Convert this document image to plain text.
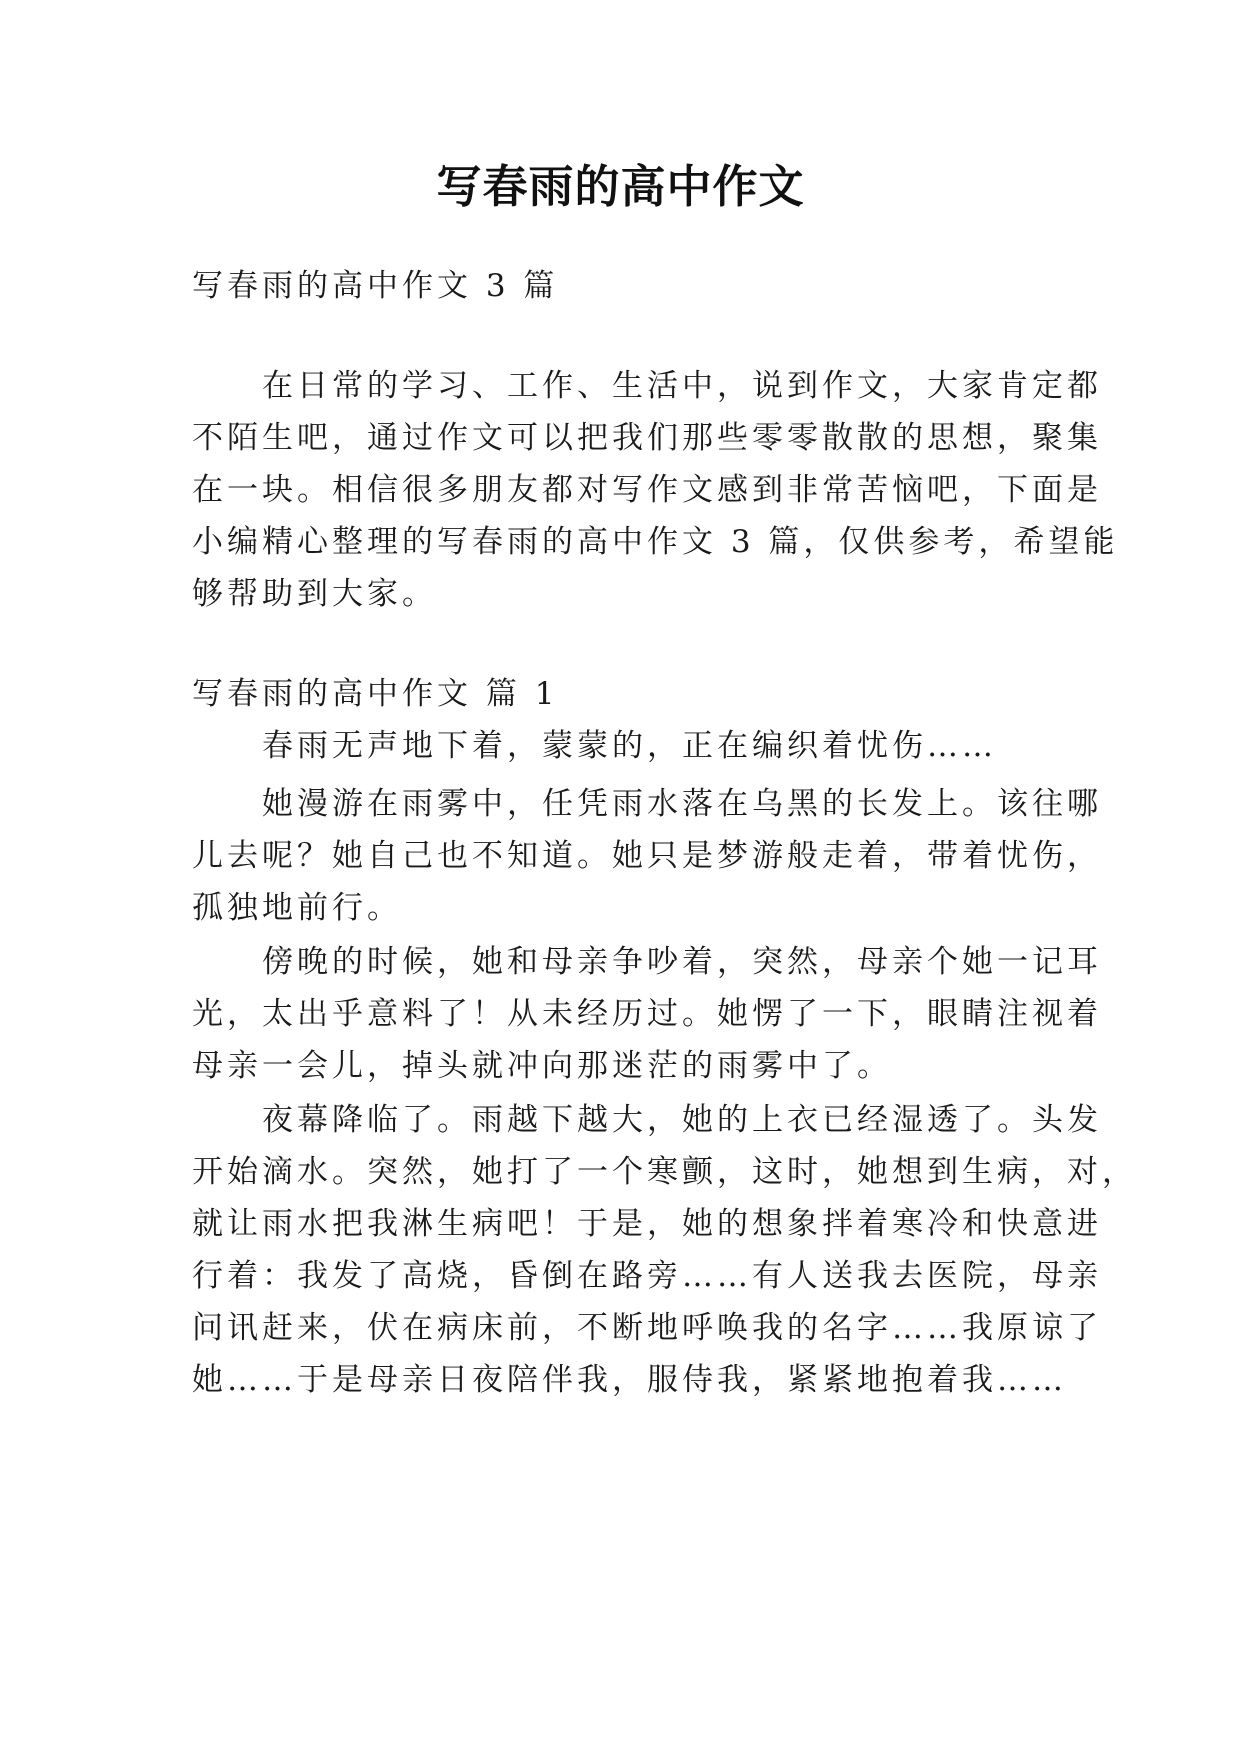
写春雨的高中作文
写春雨的高中作文 3 篇
　　在日常的学习、工作、生活中，说到作文，大家肯定都
不陌生吧，通过作文可以把我们那些零零散散的思想，聚集
在一块。相信很多朋友都对写作文感到非常苦恼吧，下面是
小编精心整理的写春雨的高中作文 3 篇，仅供参考，希望能
够帮助到大家。
写春雨的高中作文 篇 1
　　春雨无声地下着，蒙蒙的，正在编织着忧伤……
　　她漫游在雨雾中，任凭雨水落在乌黑的长发上。该往哪
儿去呢？她自己也不知道。她只是梦游般走着，带着忧伤，
孤独地前行。
　　傍晚的时候，她和母亲争吵着，突然，母亲个她一记耳
光，太出乎意料了！从未经历过。她愣了一下，眼睛注视着
母亲一会儿，掉头就冲向那迷茫的雨雾中了。
　　夜幕降临了。雨越下越大，她的上衣已经湿透了。头发
开始滴水。突然，她打了一个寒颤，这时，她想到生病，对，
就让雨水把我淋生病吧！于是，她的想象拌着寒冷和快意进
行着：我发了高烧，昏倒在路旁……有人送我去医院，母亲
问讯赶来，伏在病床前，不断地呼唤我的名字……我原谅了
她……于是母亲日夜陪伴我，服侍我，紧紧地抱着我……
